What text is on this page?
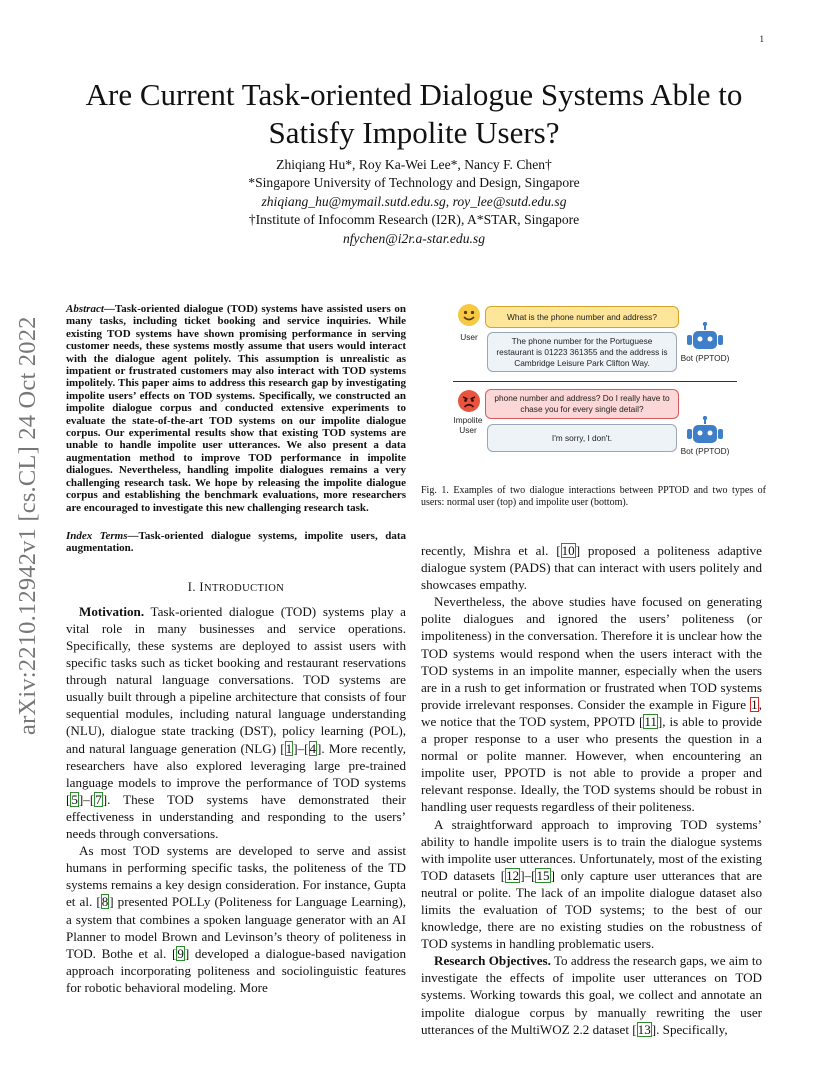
1
arXiv:2210.12942v1 [cs.CL] 24 Oct 2022
Are Current Task-oriented Dialogue Systems Able to Satisfy Impolite Users?
Zhiqiang Hu*, Roy Ka-Wei Lee*, Nancy F. Chen†
*Singapore University of Technology and Design, Singapore
zhiqiang_hu@mymail.sutd.edu.sg, roy_lee@sutd.edu.sg
†Institute of Infocomm Research (I2R), A*STAR, Singapore
nfychen@i2r.a-star.edu.sg

Abstract—Task-oriented dialogue (TOD) systems have assisted users on many tasks, including ticket booking and service inquiries. While existing TOD systems have shown promising performance in serving customer needs, these systems mostly assume that users would interact with the dialogue agent politely. This assumption is unrealistic as impatient or frustrated customers may also interact with TOD systems impolitely. This paper aims to address this research gap by investigating impolite users’ effects on TOD systems. Specifically, we constructed an impolite dialogue corpus and conducted extensive experiments to evaluate the state-of-the-art TOD systems on our impolite dialogue corpus. Our experimental results show that existing TOD systems are unable to handle impolite user utterances. We also present a data augmentation method to improve TOD performance in impolite dialogues. Nevertheless, handling impolite dialogues remains a very challenging research task. We hope by releasing the impolite dialogue corpus and establishing the benchmark evaluations, more researchers are encouraged to investigate this new challenging research task.

Index Terms—Task-oriented dialogue systems, impolite users, data augmentation.

I. INTRODUCTION

Motivation. Task-oriented dialogue (TOD) systems play a vital role in many businesses and service operations. Specifically, these systems are deployed to assist users with specific tasks such as ticket booking and restaurant reservations through natural language conversations. TOD systems are usually built through a pipeline architecture that consists of four sequential modules, including natural language understanding (NLU), dialogue state tracking (DST), policy learning (POL), and natural language generation (NLG) [1]–[4]. More recently, researchers have also explored leveraging large pre-trained language models to improve the performance of TOD systems [5]–[7]. These TOD systems have demonstrated their effectiveness in understanding and responding to the users’ needs through conversations.

As most TOD systems are developed to serve and assist humans in performing specific tasks, the politeness of the TD systems remains a key design consideration. For instance, Gupta et al. [8] presented POLLy (Politeness for Language Learning), a system that combines a spoken language generator with an AI Planner to model Brown and Levinson’s theory of politeness in TOD. Bothe et al. [9] developed a dialogue-based navigation approach incorporating politeness and sociolinguistic features for robotic behavioral modeling. More

User
What is the phone number and address?
The phone number for the Portuguese restaurant is 01223 361355 and the address is Cambridge Leisure Park Clifton Way.	Bot (PPTOD)
Impolite User
phone number and address? Do I really have to chase you for every single detail?
I'm sorry, I don't.
Bot (PPTOD)
Fig. 1. Examples of two dialogue interactions between PPTOD and two types of users: normal user (top) and impolite user (bottom).

recently, Mishra et al. [10] proposed a politeness adaptive dialogue system (PADS) that can interact with users politely and showcases empathy.

Nevertheless, the above studies have focused on generating polite dialogues and ignored the users’ politeness (or impoliteness) in the conversation. Therefore it is unclear how the TOD systems would respond when the users interact with the TOD systems in an impolite manner, especially when the users are in a rush to get information or frustrated when TOD systems provide irrelevant responses. Consider the example in Figure 1, we notice that the TOD system, PPOTD [11], is able to provide a proper response to a user who presents the question in a normal or polite manner. However, when encountering an impolite user, PPOTD is not able to provide a proper and relevant response. Ideally, the TOD systems should be robust in handling user requests regardless of their politeness.

A straightforward approach to improving TOD systems’ ability to handle impolite users is to train the dialogue systems with impolite user utterances. Unfortunately, most of the existing TOD datasets [12]–[15] only capture user utterances that are neutral or polite. The lack of an impolite dialogue dataset also limits the evaluation of TOD systems; to the best of our knowledge, there are no existing studies on the robustness of TOD systems in handling problematic users.

Research Objectives. To address the research gaps, we aim to investigate the effects of impolite user utterances on TOD systems. Working towards this goal, we collect and annotate an impolite dialogue corpus by manually rewriting the user utterances of the MultiWOZ 2.2 dataset [13]. Specifically,
